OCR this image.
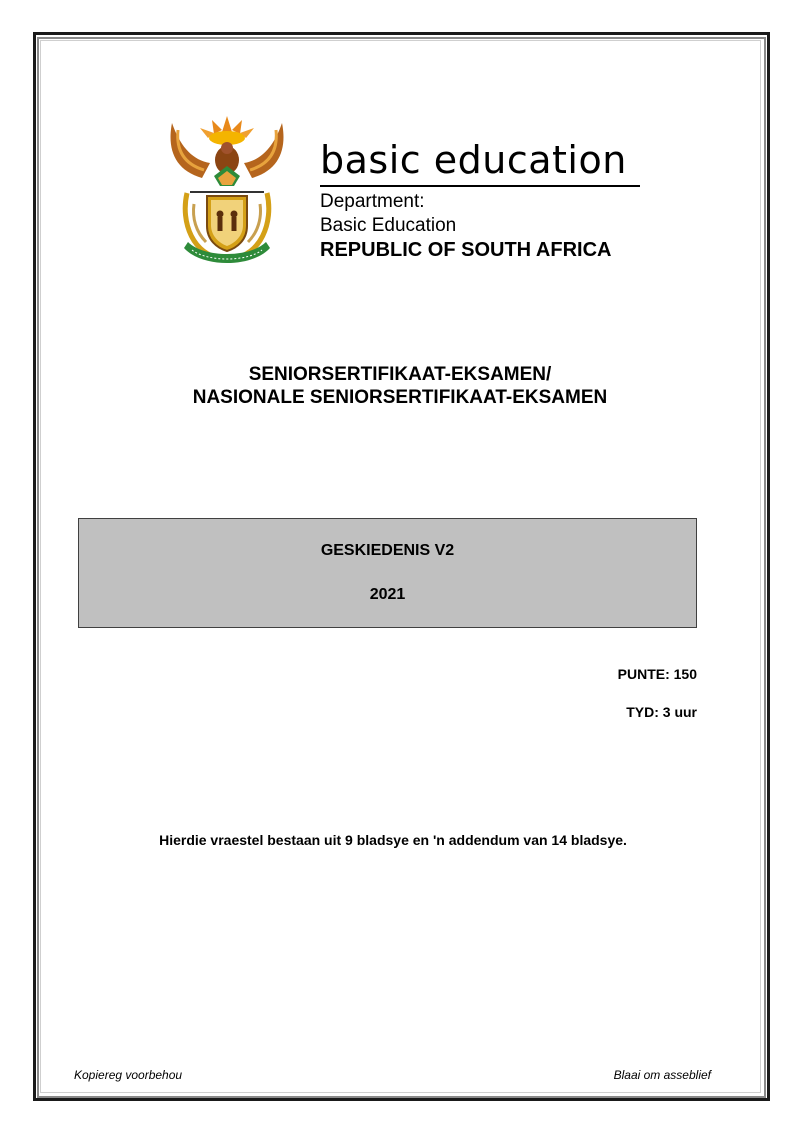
basic education
Department:
Basic Education
REPUBLIC OF SOUTH AFRICA
SENIORSERTIFIKAAT-EKSAMEN/
NASIONALE SENIORSERTIFIKAAT-EKSAMEN
GESKIEDENIS V2
2021
PUNTE: 150
TYD: 3 uur
Hierdie vraestel bestaan uit 9 bladsye en 'n addendum van 14 bladsye.
Kopiereg voorbehou	Blaai om asseblief
